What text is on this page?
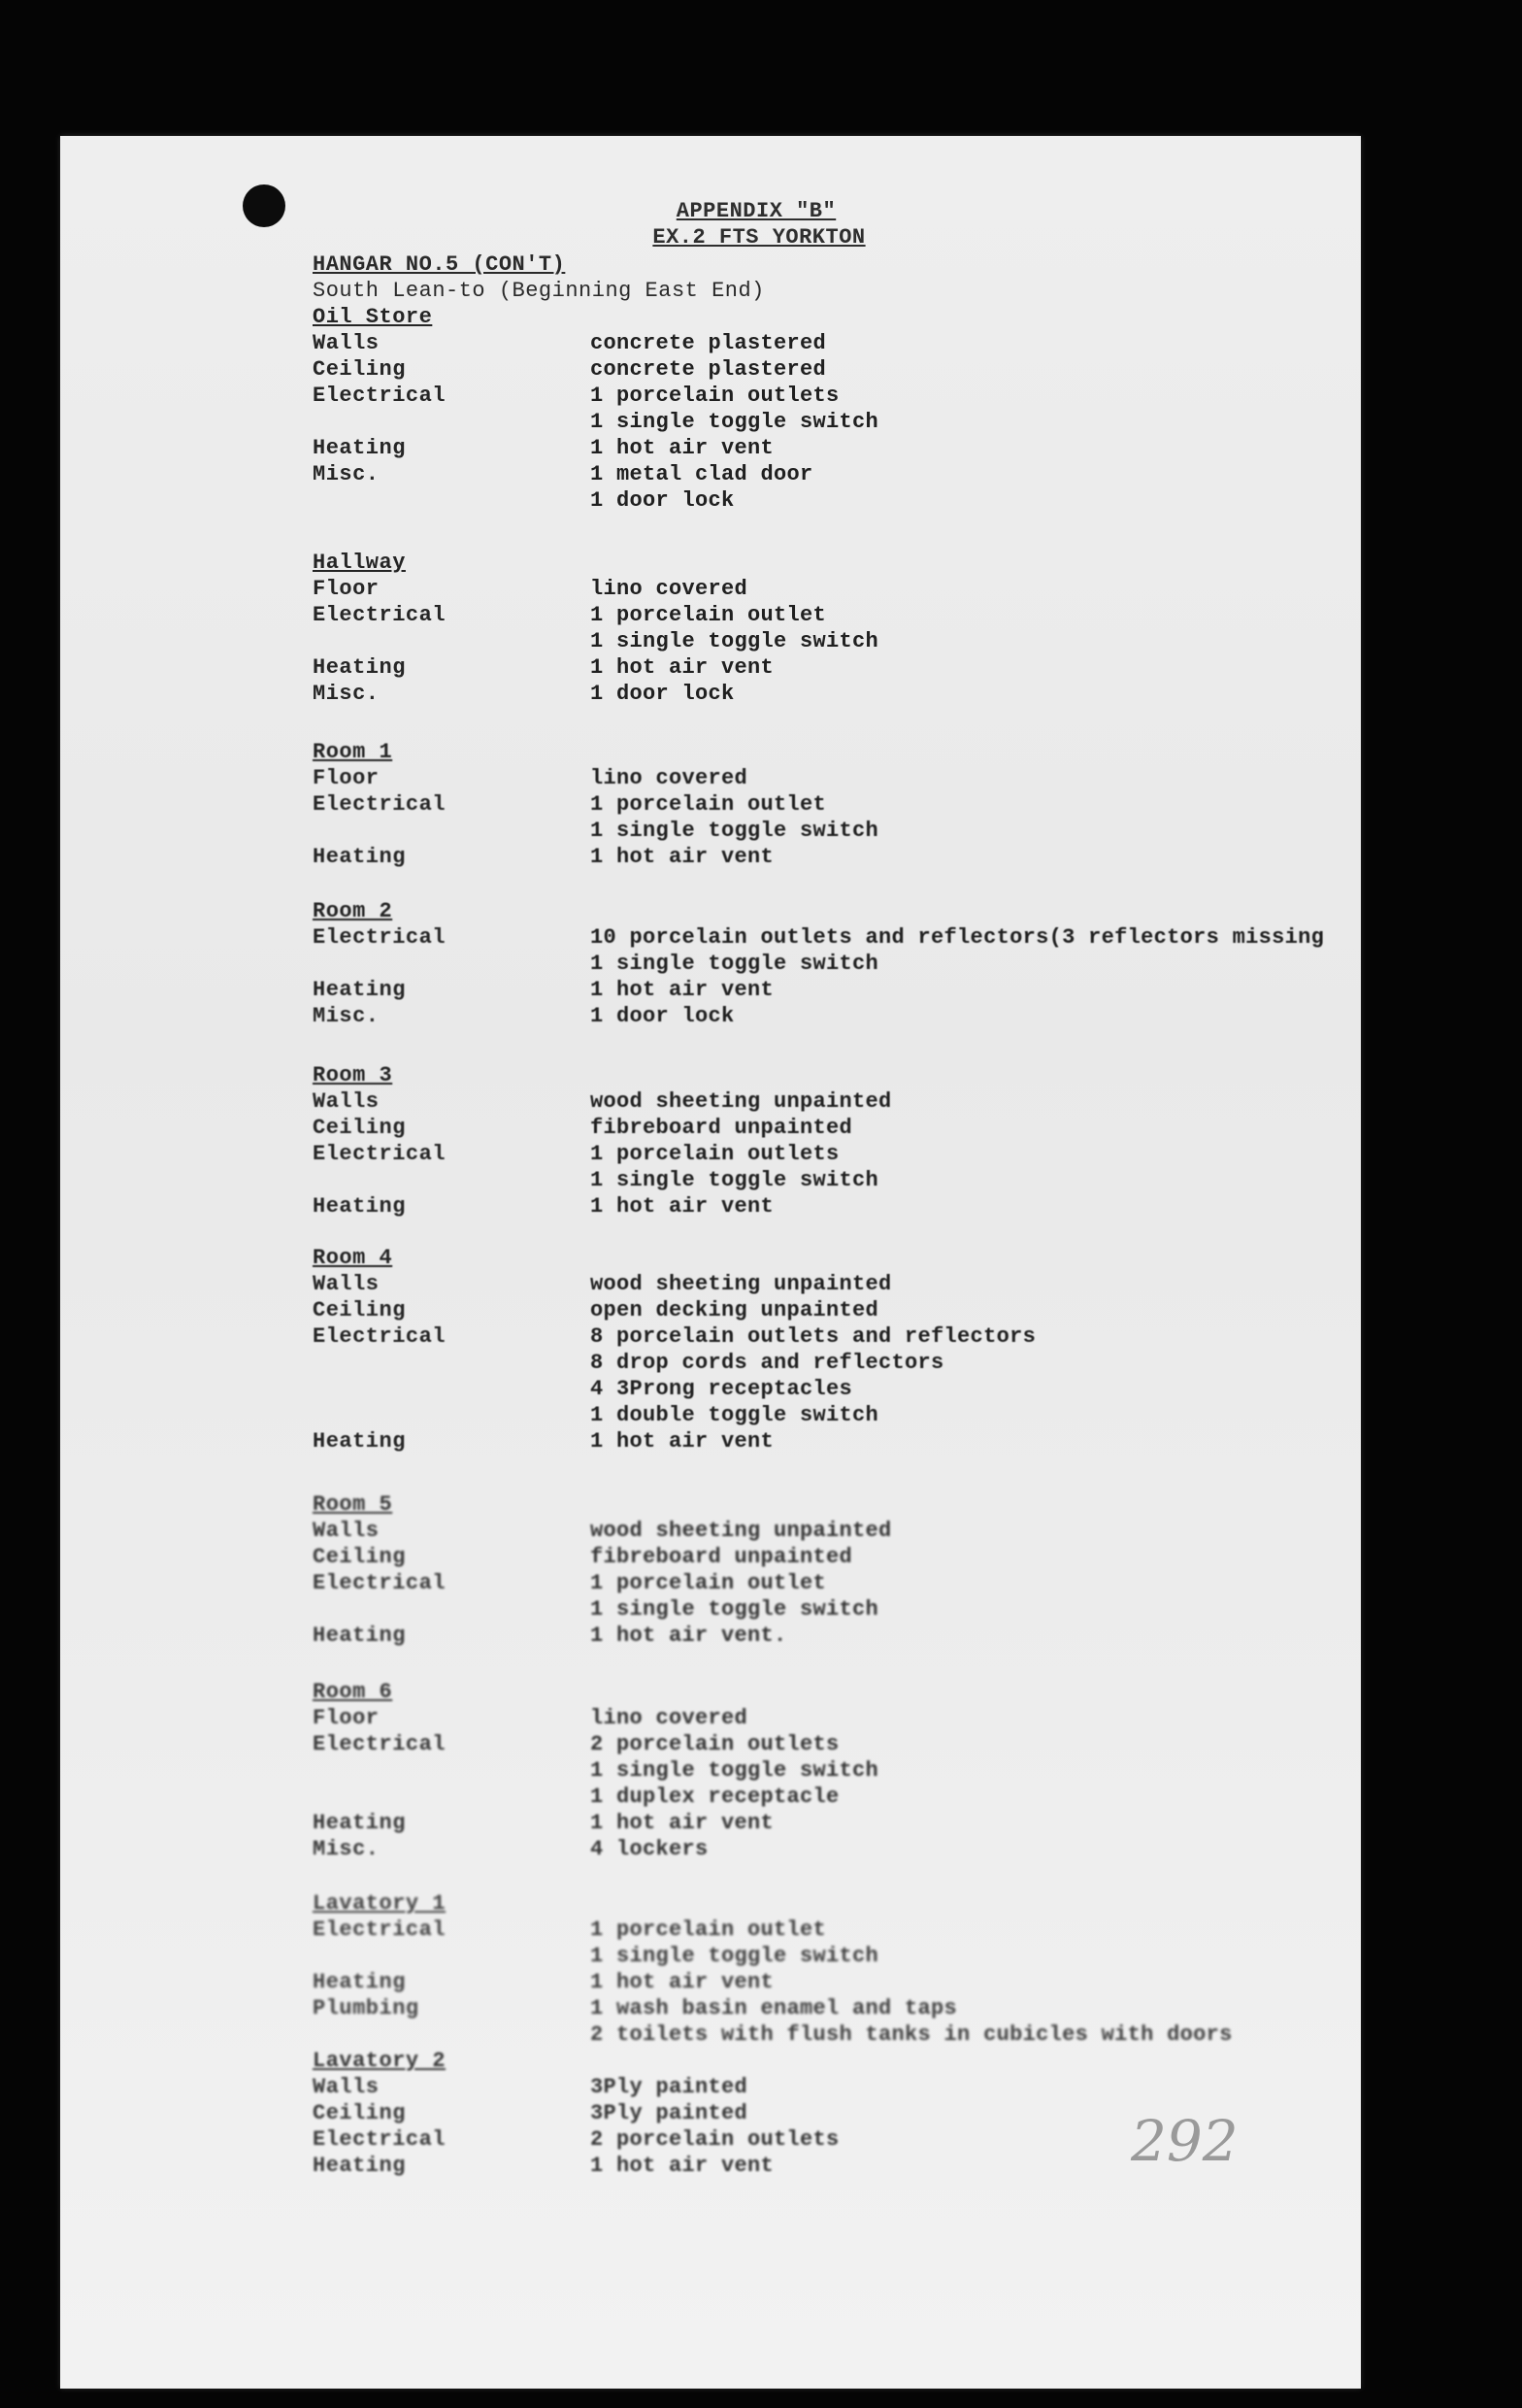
APPENDIX "B"
EX.2 FTS YORKTON
HANGAR NO.5 (CON'T)
South Lean-to (Beginning East End)
Oil Store
Walls	concrete plastered
Ceiling	concrete plastered
Electrical	1 porcelain outlets
1 single toggle switch
Heating	1 hot air vent
Misc.	1 metal clad door
1 door lock
Hallway
Floor	lino covered
Electrical	1 porcelain outlet
1 single toggle switch
Heating	1 hot air vent
Misc.	1 door lock
Room 1
Floor	lino covered
Electrical	1 porcelain outlet
1 single toggle switch
Heating	1 hot air vent
Room 2
Electrical	10 porcelain outlets and reflectors(3 reflectors missing
1 single toggle switch
Heating	1 hot air vent
Misc.	1 door lock
Room 3
Walls	wood sheeting unpainted
Ceiling	fibreboard unpainted
Electrical	1 porcelain outlets
1 single toggle switch
Heating	1 hot air vent
Room 4
Walls	wood sheeting unpainted
Ceiling	open decking unpainted
Electrical	8 porcelain outlets and reflectors
8 drop cords and reflectors
4 3Prong receptacles
1 double toggle switch
Heating	1 hot air vent
Room 5
Walls	wood sheeting unpainted
Ceiling	fibreboard unpainted
Electrical	1 porcelain outlet
1 single toggle switch
Heating	1 hot air vent.
Room 6
Floor	lino covered
Electrical	2 porcelain outlets
1 single toggle switch
1 duplex receptacle
Heating	1 hot air vent
Misc.	4 lockers
Lavatory 1
Electrical	1 porcelain outlet
1 single toggle switch
Heating	1 hot air vent
Plumbing	1 wash basin enamel and taps
2 toilets with flush tanks in cubicles with doors
Lavatory 2
Walls	3Ply painted
Ceiling	3Ply painted
Electrical	2 porcelain outlets
Heating	1 hot air vent	292
